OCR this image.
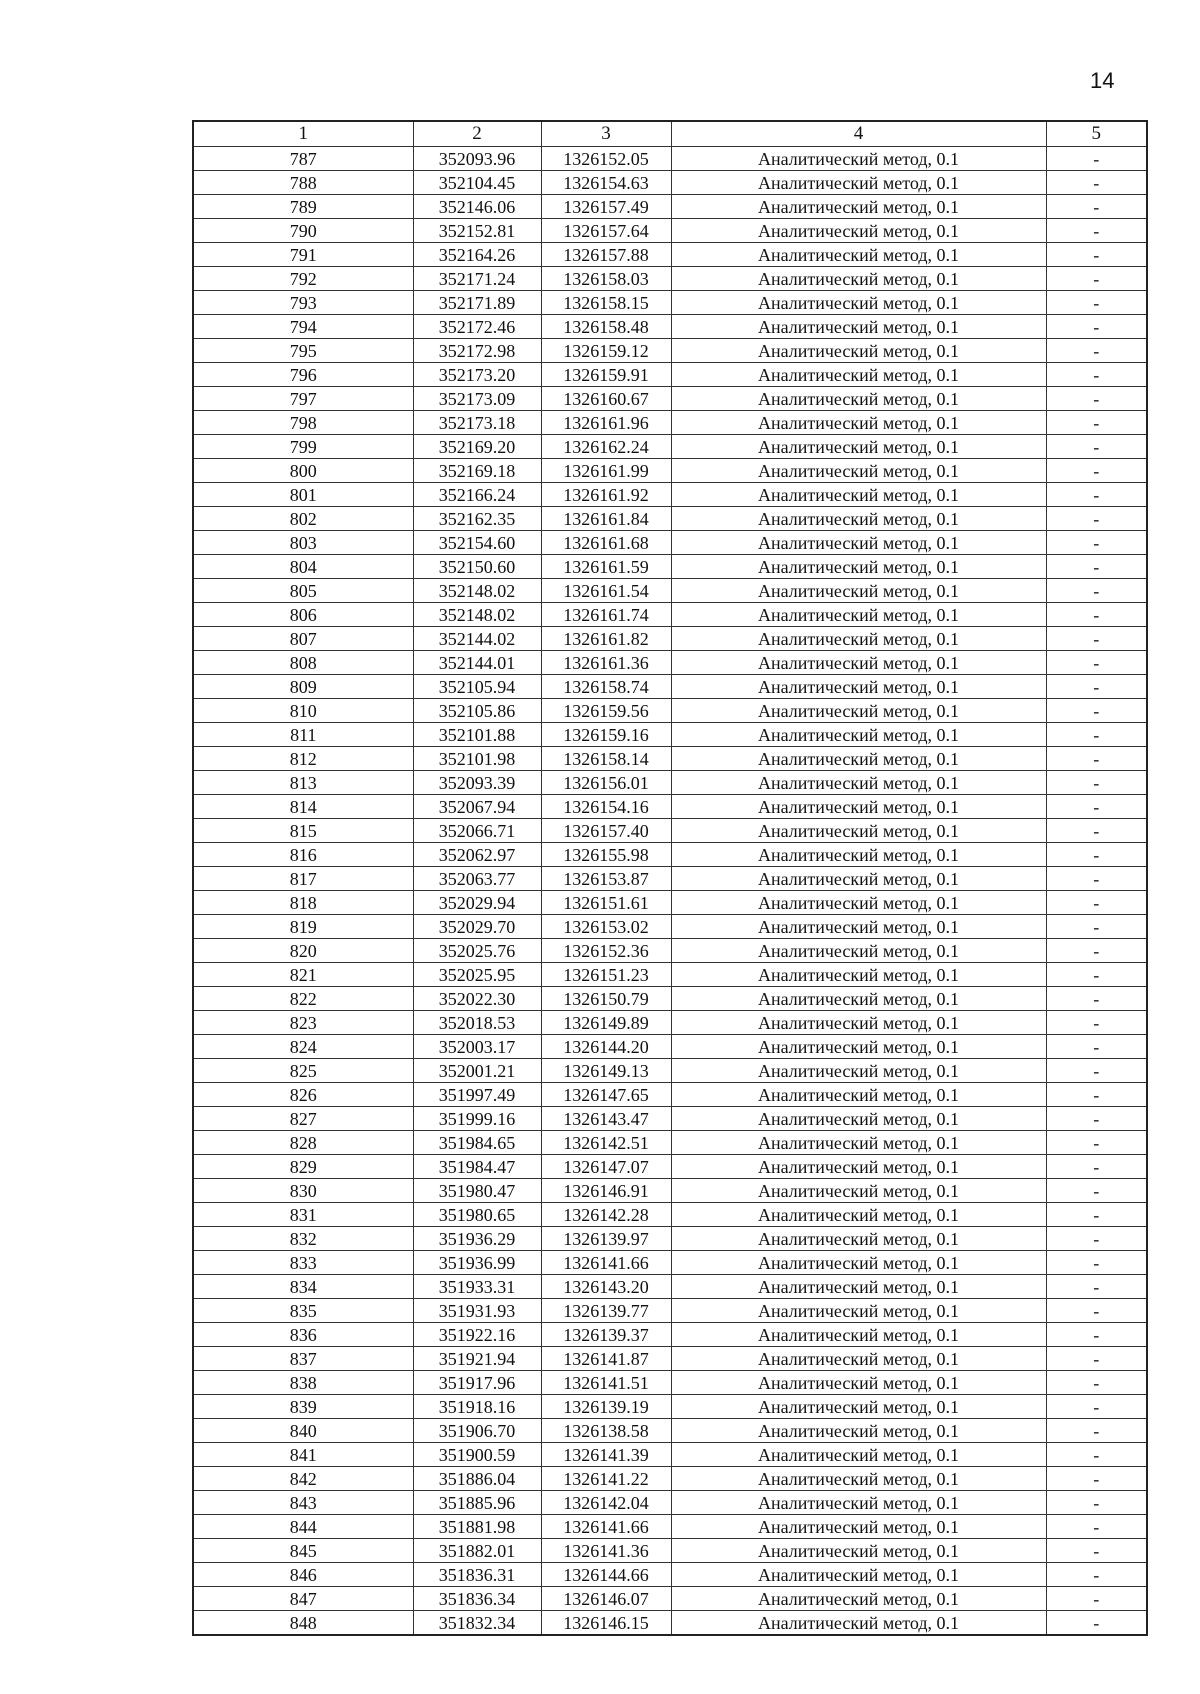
14
1	2	3	4	5
787	352093.96	1326152.05	Аналитический метод, 0.1	-
788	352104.45	1326154.63	Аналитический метод, 0.1	-
789	352146.06	1326157.49	Аналитический метод, 0.1	-
790	352152.81	1326157.64	Аналитический метод, 0.1	-
791	352164.26	1326157.88	Аналитический метод, 0.1	-
792	352171.24	1326158.03	Аналитический метод, 0.1	-
793	352171.89	1326158.15	Аналитический метод, 0.1	-
794	352172.46	1326158.48	Аналитический метод, 0.1	-
795	352172.98	1326159.12	Аналитический метод, 0.1	-
796	352173.20	1326159.91	Аналитический метод, 0.1	-
797	352173.09	1326160.67	Аналитический метод, 0.1	-
798	352173.18	1326161.96	Аналитический метод, 0.1	-
799	352169.20	1326162.24	Аналитический метод, 0.1	-
800	352169.18	1326161.99	Аналитический метод, 0.1	-
801	352166.24	1326161.92	Аналитический метод, 0.1	-
802	352162.35	1326161.84	Аналитический метод, 0.1	-
803	352154.60	1326161.68	Аналитический метод, 0.1	-
804	352150.60	1326161.59	Аналитический метод, 0.1	-
805	352148.02	1326161.54	Аналитический метод, 0.1	-
806	352148.02	1326161.74	Аналитический метод, 0.1	-
807	352144.02	1326161.82	Аналитический метод, 0.1	-
808	352144.01	1326161.36	Аналитический метод, 0.1	-
809	352105.94	1326158.74	Аналитический метод, 0.1	-
810	352105.86	1326159.56	Аналитический метод, 0.1	-
811	352101.88	1326159.16	Аналитический метод, 0.1	-
812	352101.98	1326158.14	Аналитический метод, 0.1	-
813	352093.39	1326156.01	Аналитический метод, 0.1	-
814	352067.94	1326154.16	Аналитический метод, 0.1	-
815	352066.71	1326157.40	Аналитический метод, 0.1	-
816	352062.97	1326155.98	Аналитический метод, 0.1	-
817	352063.77	1326153.87	Аналитический метод, 0.1	-
818	352029.94	1326151.61	Аналитический метод, 0.1	-
819	352029.70	1326153.02	Аналитический метод, 0.1	-
820	352025.76	1326152.36	Аналитический метод, 0.1	-
821	352025.95	1326151.23	Аналитический метод, 0.1	-
822	352022.30	1326150.79	Аналитический метод, 0.1	-
823	352018.53	1326149.89	Аналитический метод, 0.1	-
824	352003.17	1326144.20	Аналитический метод, 0.1	-
825	352001.21	1326149.13	Аналитический метод, 0.1	-
826	351997.49	1326147.65	Аналитический метод, 0.1	-
827	351999.16	1326143.47	Аналитический метод, 0.1	-
828	351984.65	1326142.51	Аналитический метод, 0.1	-
829	351984.47	1326147.07	Аналитический метод, 0.1	-
830	351980.47	1326146.91	Аналитический метод, 0.1	-
831	351980.65	1326142.28	Аналитический метод, 0.1	-
832	351936.29	1326139.97	Аналитический метод, 0.1	-
833	351936.99	1326141.66	Аналитический метод, 0.1	-
834	351933.31	1326143.20	Аналитический метод, 0.1	-
835	351931.93	1326139.77	Аналитический метод, 0.1	-
836	351922.16	1326139.37	Аналитический метод, 0.1	-
837	351921.94	1326141.87	Аналитический метод, 0.1	-
838	351917.96	1326141.51	Аналитический метод, 0.1	-
839	351918.16	1326139.19	Аналитический метод, 0.1	-
840	351906.70	1326138.58	Аналитический метод, 0.1	-
841	351900.59	1326141.39	Аналитический метод, 0.1	-
842	351886.04	1326141.22	Аналитический метод, 0.1	-
843	351885.96	1326142.04	Аналитический метод, 0.1	-
844	351881.98	1326141.66	Аналитический метод, 0.1	-
845	351882.01	1326141.36	Аналитический метод, 0.1	-
846	351836.31	1326144.66	Аналитический метод, 0.1	-
847	351836.34	1326146.07	Аналитический метод, 0.1	-
848	351832.34	1326146.15	Аналитический метод, 0.1	-
